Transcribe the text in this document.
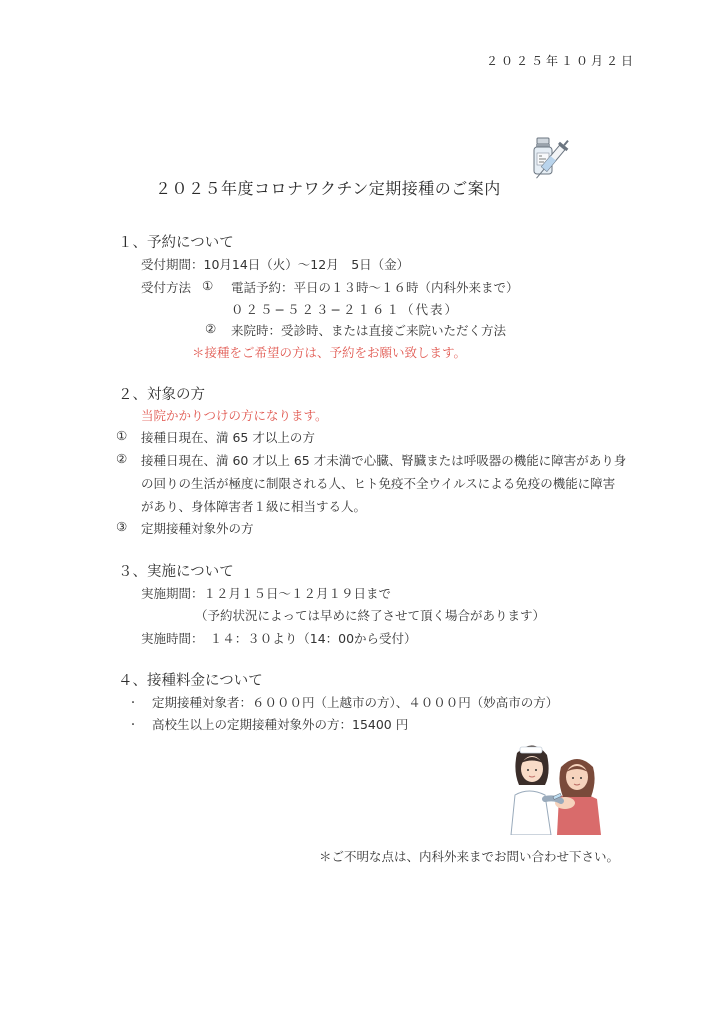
２０２５年１０月２日
２０２５年度コロナワクチン定期接種のご案内
１、予約について
受付期間：10月14日（火）～12月　5日（金）
受付方法 ① 電話予約：平日の１３時～１６時（内科外来まで）
０２５−５２３−２１６１（代表）
② 来院時：受診時、または直接ご来院いただく方法
＊接種をご希望の方は、予約をお願い致します。
２、対象の方
当院かかりつけの方になります。
① 接種日現在、満 65 才以上の方
② 接種日現在、満 60 才以上 65 才未満で心臓、腎臓または呼吸器の機能に障害があり身
の回りの生活が極度に制限される人、ヒト免疫不全ウイルスによる免疫の機能に障害
があり、身体障害者１級に相当する人。
③ 定期接種対象外の方
３、実施について
実施期間：１２月１５日～１２月１９日まで
（予約状況によっては早めに終了させて頂く場合があります）
実施時間：　１４：３０より（14：00から受付）
４、接種料金について
・ 定期接種対象者：６０００円（上越市の方）、４０００円（妙高市の方）
・ 高校生以上の定期接種対象外の方：15400 円
＊ご不明な点は、内科外来までお問い合わせ下さい。
